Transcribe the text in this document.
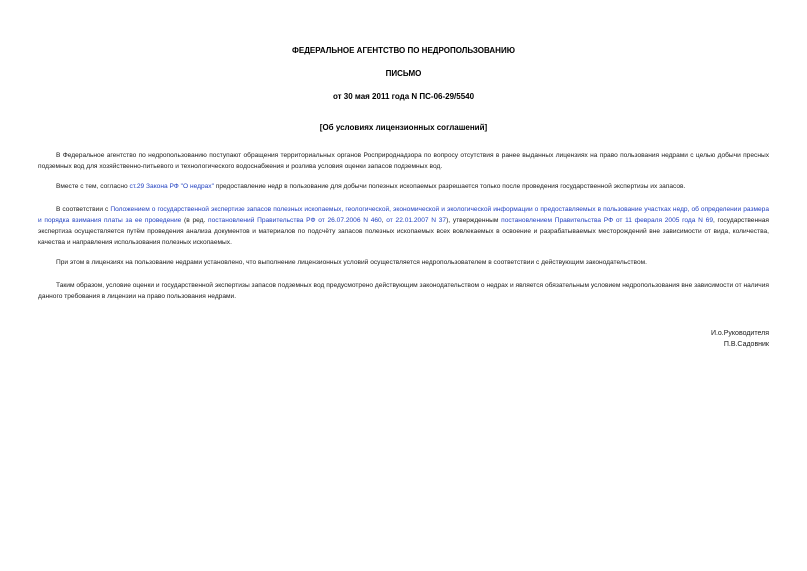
ФЕДЕРАЛЬНОЕ АГЕНТСТВО ПО НЕДРОПОЛЬЗОВАНИЮ
ПИСЬМО
от 30 мая 2011 года N ПС-06-29/5540
[Об условиях лицензионных соглашений]

В Федеральное агентство по недропользованию поступают обращения территориальных органов Росприроднадзора по вопросу отсутствия в ранее выданных лицензиях на право пользования недрами с целью добычи пресных подземных вод для хозяйственно-питьевого и технологического водоснабжения и розлива условия оценки запасов подземных вод.

Вместе с тем, согласно ст.29 Закона РФ "О недрах" предоставление недр в пользование для добычи полезных ископаемых разрешается только после проведения государственной экспертизы их запасов.

В соответствии с Положением о государственной экспертизе запасов полезных ископаемых, геологической, экономической и экологической информации о предоставляемых в пользование участках недр, об определении размера и порядка взимания платы за ее проведение (в ред. постановлений Правительства РФ от 26.07.2006 N 460, от 22.01.2007 N 37), утвержденным постановлением Правительства РФ от 11 февраля 2005 года N 69, государственная экспертиза осуществляется путём проведения анализа документов и материалов по подсчёту запасов полезных ископаемых всех вовлекаемых в освоение и разрабатываемых месторождений вне зависимости от вида, количества, качества и направления использования полезных ископаемых.

При этом в лицензиях на пользование недрами установлено, что выполнение лицензионных условий осуществляется недропользователем в соответствии с действующим законодательством.

Таким образом, условие оценки и государственной экспертизы запасов подземных вод предусмотрено действующим законодательством о недрах и является обязательным условием недропользования вне зависимости от наличия данного требования в лицензии на право пользования недрами.

И.о.Руководителя
П.В.Садовник
